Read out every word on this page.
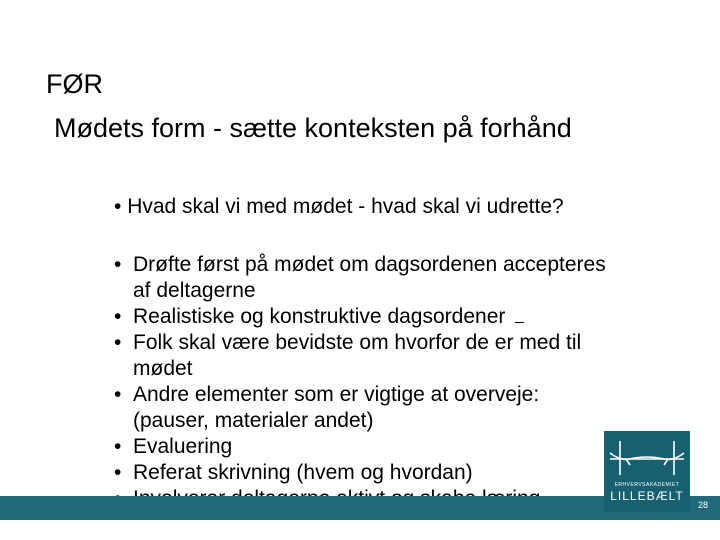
FØR
Mødets form - sætte konteksten på forhånd
• Hvad skal vi med mødet - hvad skal vi udrette?
• Drøfte først på mødet om dagsordenen accepteres
af deltagerne
• Realistiske og konstruktive dagsordener
• Folk skal være bevidste om hvorfor de er med til
mødet
• Andre elementer som er vigtige at overveje:
(pauser, materialer andet)
• Evaluering
• Referat skrivning (hvem og hvordan)
ERHVERVSAKADEMIET
LILLEBÆLT
28
